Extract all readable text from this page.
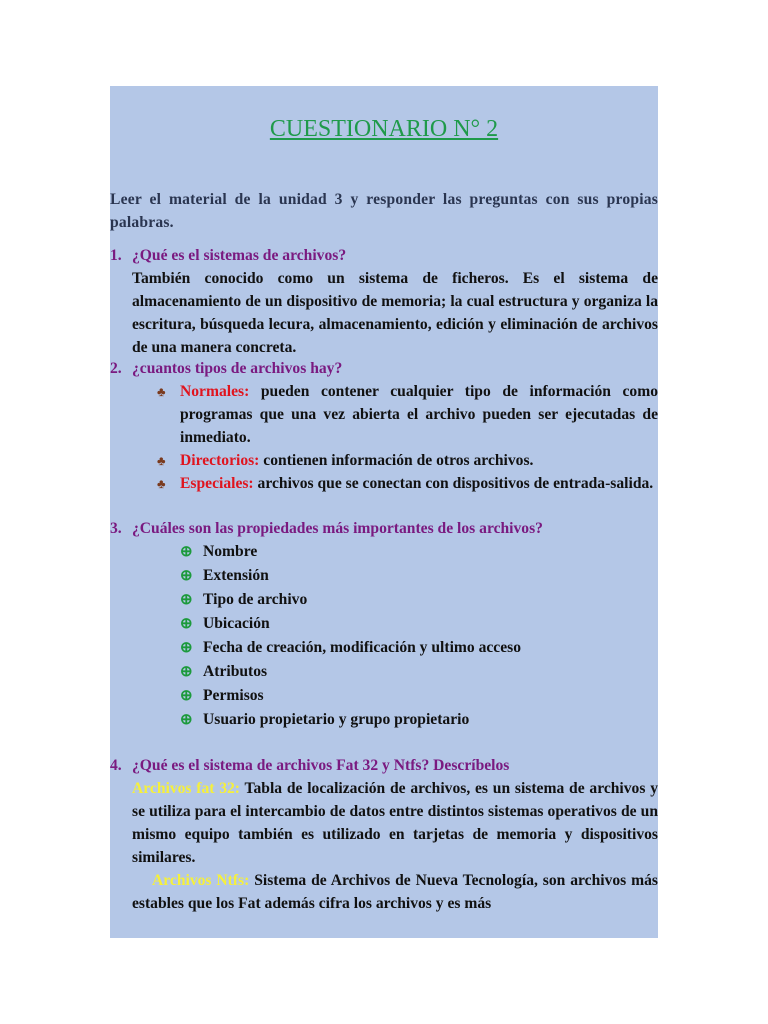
CUESTIONARIO N° 2
Leer el material de la unidad 3 y responder las preguntas con sus propias palabras.
1. ¿Qué es el sistemas de archivos?
También conocido como un sistema de ficheros. Es el sistema de almacenamiento de un dispositivo de memoria; la cual estructura y organiza la escritura, búsqueda lecura, almacenamiento, edición y eliminación de archivos de una manera concreta.
2. ¿cuantos tipos de archivos hay?
♣ Normales: pueden contener cualquier tipo de información como programas que una vez abierta el archivo pueden ser ejecutadas de inmediato.
♣ Directorios: contienen información de otros archivos.
♣ Especiales: archivos que se conectan con dispositivos de entrada-salida.
3. ¿Cuáles son las propiedades más importantes de los archivos?
⊕ Nombre
⊕ Extensión
⊕ Tipo de archivo
⊕ Ubicación
⊕ Fecha de creación, modificación y ultimo acceso
⊕ Atributos
⊕ Permisos
⊕ Usuario propietario y grupo propietario
4. ¿Qué es el sistema de archivos Fat 32 y Ntfs? Descríbelos
Archivos fat 32: Tabla de localización de archivos, es un sistema de archivos y se utiliza para el intercambio de datos entre distintos sistemas operativos de un mismo equipo también es utilizado en tarjetas de memoria y dispositivos similares.
Archivos Ntfs: Sistema de Archivos de Nueva Tecnología, son archivos más estables que los Fat además cifra los archivos y es más
